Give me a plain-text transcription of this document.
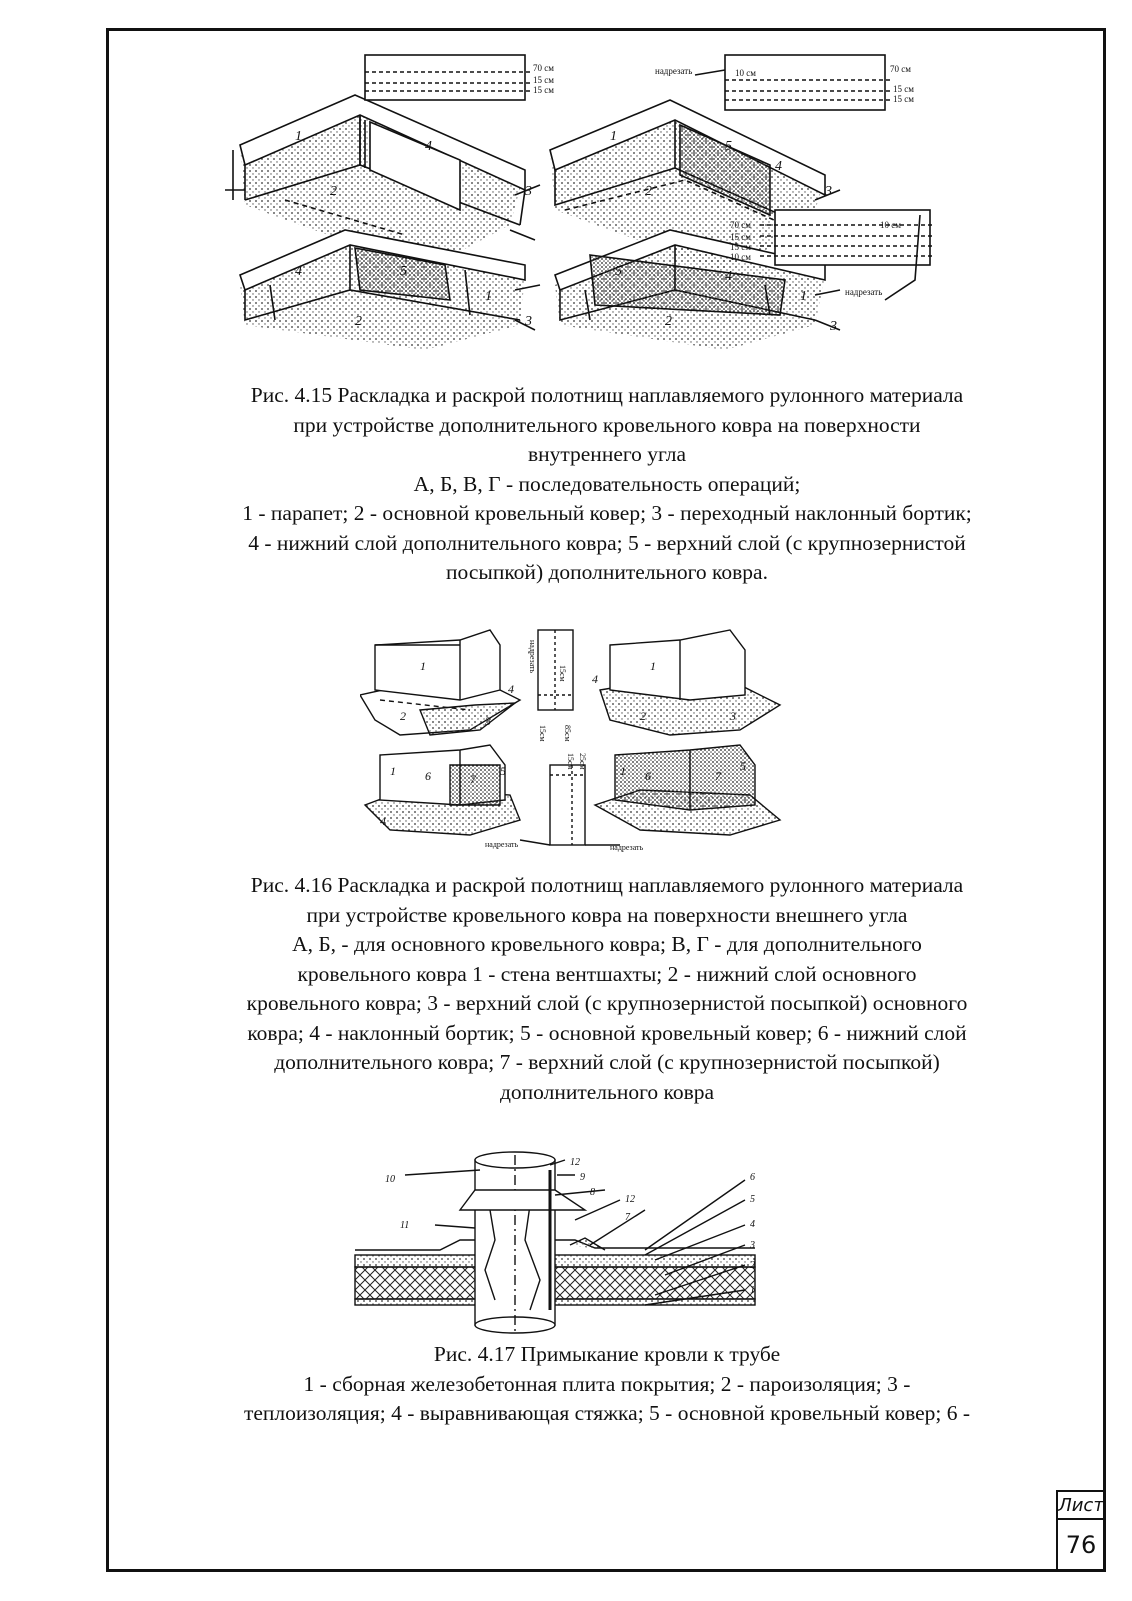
1
4
2	3
1
5
2
4
3
4	5
2
1
3
5	4
2
1
3
70 см
15 см
15 см
10 см	70 см
15 см
15 см
надрезать
70 см	10 см
15 см
15 см
10 см
надрезать
Рис. 4.15 Раскладка и раскрой полотнищ наплавляемого рулонного материала
при устройстве дополнительного кровельного ковра на поверхности
внутреннего угла
А, Б, В, Г - последовательность операций;
1 - парапет; 2 - основной кровельный ковер; 3 - переходный наклонный бортик;
4 - нижний слой дополнительного ковра; 5 - верхний слой (с крупнозернистой
посыпкой) дополнительного ковра.
1
2	3
4
1
2	3
4
1 6	7
5
4
1 6	7
5
надрезать
15см
15см 85см
15см 25см
надрезать	надрезать
Рис. 4.16 Раскладка и раскрой полотнищ наплавляемого рулонного материала
при устройстве кровельного ковра на поверхности внешнего угла
А, Б, - для основного кровельного ковра; В, Г - для дополнительного
кровельного ковра 1 - стена вентшахты; 2 - нижний слой основного
кровельного ковра; 3 - верхний слой (с крупнозернистой посыпкой) основного
ковра; 4 - наклонный бортик; 5 - основной кровельный ковер; 6 - нижний слой
дополнительного ковра; 7 - верхний слой (с крупнозернистой посыпкой)
дополнительного ковра
10
11
12
9
8
12
7
6
5
4
3
2
1
Рис. 4.17 Примыкание кровли к трубе
1 - сборная железобетонная плита покрытия; 2 - пароизоляция; 3 -
теплоизоляция; 4 - выравнивающая стяжка; 5 - основной кровельный ковер; 6 -
Лист
76
